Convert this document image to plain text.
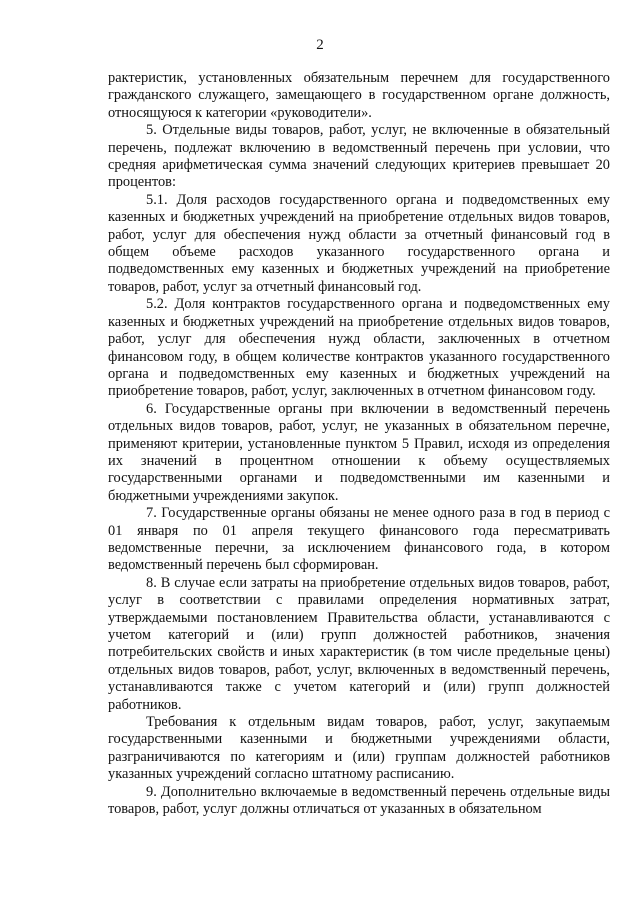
2

рактеристик, установленных обязательным перечнем для государственного гражданского служащего, замещающего в государственном органе должность, относящуюся к категории «руководители».

5. Отдельные виды товаров, работ, услуг, не включенные в обязательный перечень, подлежат включению в ведомственный перечень при условии, что средняя арифметическая сумма значений следующих критериев превышает 20 процентов:

5.1. Доля расходов государственного органа и подведомственных ему казенных и бюджетных учреждений на приобретение отдельных видов товаров, работ, услуг для обеспечения нужд области за отчетный финансовый год в общем объеме расходов указанного государственного органа и подведомственных ему казенных и бюджетных учреждений на приобретение товаров, работ, услуг за отчетный финансовый год.

5.2. Доля контрактов государственного органа и подведомственных ему казенных и бюджетных учреждений на приобретение отдельных видов товаров, работ, услуг для обеспечения нужд области, заключенных в отчетном финансовом году, в общем количестве контрактов указанного государственного органа и подведомственных ему казенных и бюджетных учреждений на приобретение товаров, работ, услуг, заключенных в отчетном финансовом году.

6. Государственные органы при включении в ведомственный перечень отдельных видов товаров, работ, услуг, не указанных в обязательном перечне, применяют критерии, установленные пунктом 5 Правил, исходя из определения их значений в процентном отношении к объему осуществляемых государственными органами и подведомственными им казенными и бюджетными учреждениями закупок.

7. Государственные органы обязаны не менее одного раза в год в период с 01 января по 01 апреля текущего финансового года пересматривать ведомственные перечни, за исключением финансового года, в котором ведомственный перечень был сформирован.

8. В случае если затраты на приобретение отдельных видов товаров, работ, услуг в соответствии с правилами определения нормативных затрат, утверждаемыми постановлением Правительства области, устанавливаются с учетом категорий и (или) групп должностей работников, значения потребительских свойств и иных характеристик (в том числе предельные цены) отдельных видов товаров, работ, услуг, включенных в ведомственный перечень, устанавливаются также с учетом категорий и (или) групп должностей работников.

Требования к отдельным видам товаров, работ, услуг, закупаемым государственными казенными и бюджетными учреждениями области, разграничиваются по категориям и (или) группам должностей работников указанных учреждений согласно штатному расписанию.

9. Дополнительно включаемые в ведомственный перечень отдельные виды товаров, работ, услуг должны отличаться от указанных в обязательном
